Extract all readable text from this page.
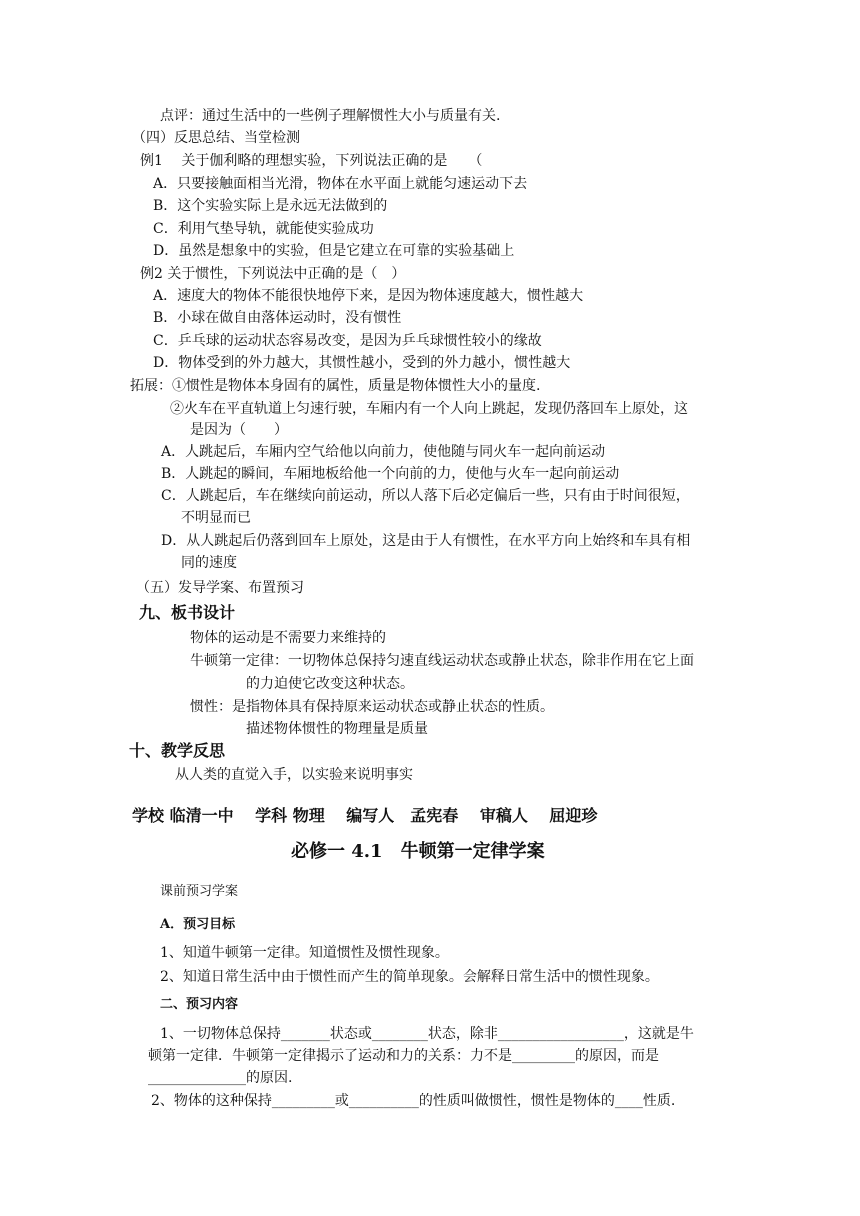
点评：通过生活中的一些例子理解惯性大小与质量有关.
（四）反思总结、当堂检测
例1　 关于伽利略的理想实验，下列说法正确的是　　（
A．只要接触面相当光滑，物体在水平面上就能匀速运动下去
B．这个实验实际上是永远无法做到的
C．利用气垫导轨，就能使实验成功
D．虽然是想象中的实验，但是它建立在可靠的实验基础上
例2 关于惯性，下列说法中正确的是（　）
A．速度大的物体不能很快地停下来，是因为物体速度越大，惯性越大
B．小球在做自由落体运动时，没有惯性
C．乒乓球的运动状态容易改变，是因为乒乓球惯性较小的缘故
D．物体受到的外力越大，其惯性越小，受到的外力越小，惯性越大
拓展：①惯性是物体本身固有的属性，质量是物体惯性大小的量度.
②火车在平直轨道上匀速行驶，车厢内有一个人向上跳起，发现仍落回车上原处，这
是因为（　　）
A．人跳起后，车厢内空气给他以向前力，使他随与同火车一起向前运动
B．人跳起的瞬间，车厢地板给他一个向前的力，使他与火车一起向前运动
C．人跳起后，车在继续向前运动，所以人落下后必定偏后一些，只有由于时间很短，
不明显而已
D．从人跳起后仍落到回车上原处，这是由于人有惯性，在水平方向上始终和车具有相
同的速度
（五）发导学案、布置预习
九、板书设计
物体的运动是不需要力来维持的
牛顿第一定律：一切物体总保持匀速直线运动状态或静止状态，除非作用在它上面
的力迫使它改变这种状态。
惯性：是指物体具有保持原来运动状态或静止状态的性质。
描述物体惯性的物理量是质量
十、教学反思
从人类的直觉入手，以实验来说明事实
学校 临清一中　 学科 物理　 编写人　孟宪春　 审稿人　 屈迎珍
必修一 4.1　牛顿第一定律学案
课前预习学案
A．预习目标
1、知道牛顿第一定律。知道惯性及惯性现象。
2、知道日常生活中由于惯性而产生的简单现象。会解释日常生活中的惯性现象。
二、预习内容
1、一切物体总保持_______状态或________状态，除非__________________，这就是牛
顿第一定律．牛顿第一定律揭示了运动和力的关系：力不是_________的原因，而是
______________的原因.
2、物体的这种保持_________或__________的性质叫做惯性，惯性是物体的____性质.
